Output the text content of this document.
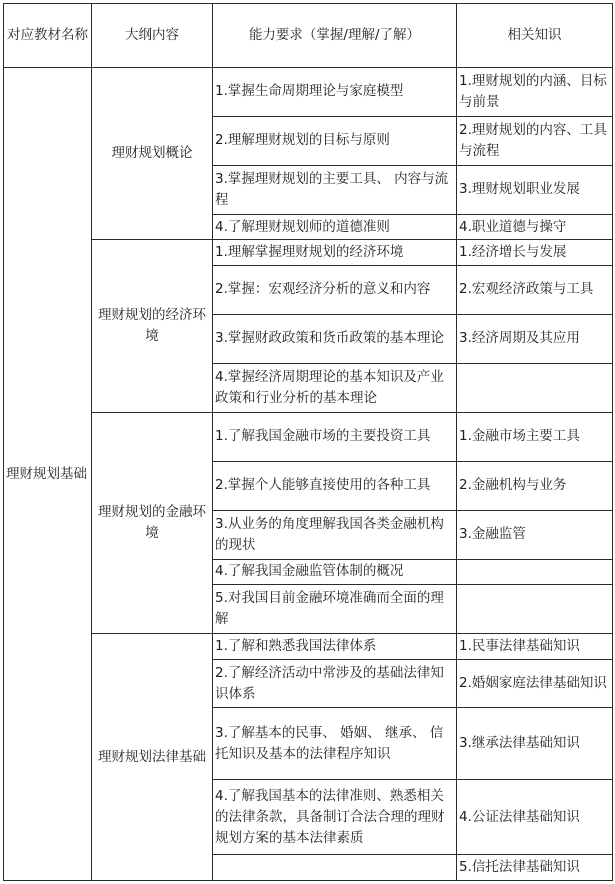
对应教材名称	大纲内容	能力要求（掌握/理解/了解）	相关知识
理财规划基础	理财规划概论	1.掌握生命周期理论与家庭模型	1.理财规划的内涵、目标与前景
		2.理解理财规划的目标与原则	2.理财规划的内容、工具与流程
		3.掌握理财规划的主要工具、 内容与流程	3.理财规划职业发展
		4.了解理财规划师的道德准则	4.职业道德与操守
	理财规划的经济环境	1.理解掌握理财规划的经济环境	1.经济增长与发展
		2.掌握：宏观经济分析的意义和内容	2.宏观经济政策与工具
		3.掌握财政政策和货币政策的基本理论	3.经济周期及其应用
		4.掌握经济周期理论的基本知识及产业政策和行业分析的基本理论	
	理财规划的金融环境	1.了解我国金融市场的主要投资工具	1.金融市场主要工具
		2.掌握个人能够直接使用的各种工具	2.金融机构与业务
		3.从业务的角度理解我国各类金融机构的现状	3.金融监管
		4.了解我国金融监管体制的概况	
		5.对我国目前金融环境准确而全面的理解	
	理财规划法律基础	1.了解和熟悉我国法律体系	1.民事法律基础知识
		2.了解经济活动中常涉及的基础法律知识体系	2.婚姻家庭法律基础知识
		3.了解基本的民事、 婚姻、 继承、 信托知识及基本的法律程序知识	3.继承法律基础知识
		4.了解我国基本的法律准则、熟悉相关的法律条款，具备制订合法合理的理财规划方案的基本法律素质	4.公证法律基础知识
			5.信托法律基础知识
